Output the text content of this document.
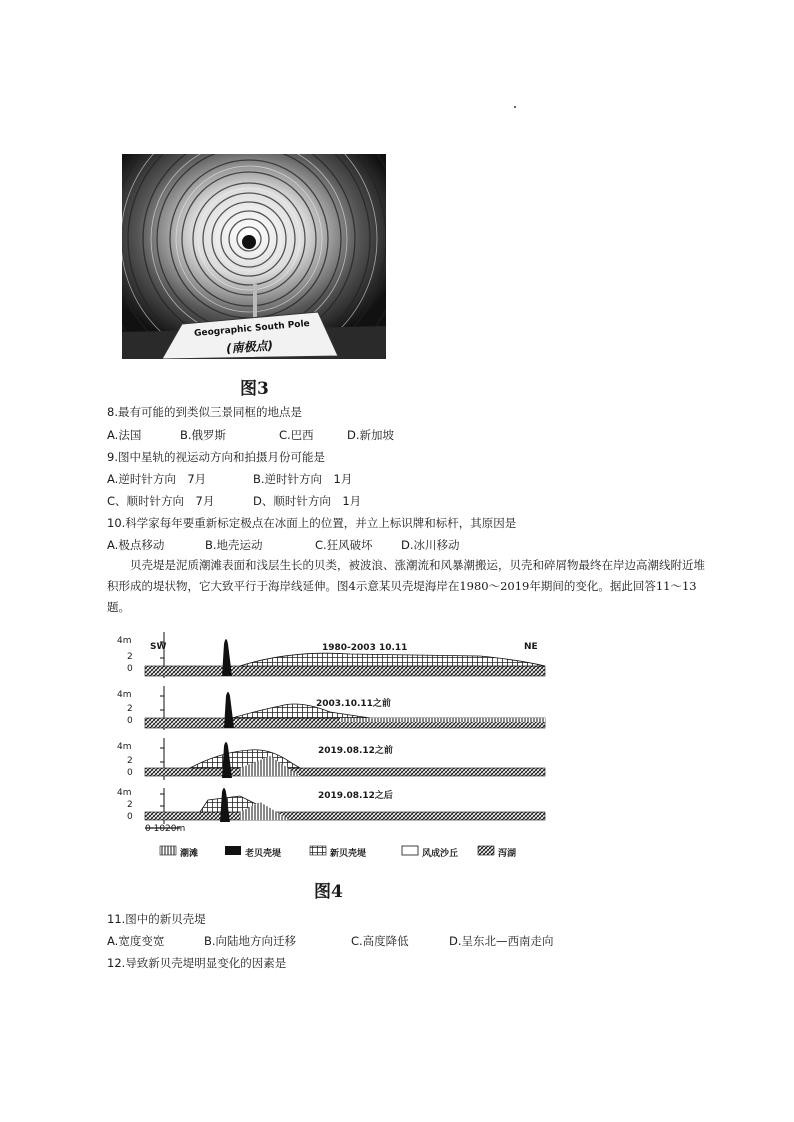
Geographic South Pole
(南极点)
图3
8.最有可能的到类似三景同框的地点是
A.法国	B.俄罗斯	C.巴西	D.新加坡
9.图中星轨的视运动方向和拍摄月份可能是
A.逆时针方向　7月	B.逆时针方向　1月
C、顺时针方向　7月	D、顺时针方向　1月
10.科学家每年要重新标定极点在冰面上的位置，并立上标识牌和标杆，其原因是
A.极点移动	B.地壳运动	C.狂风破坏 D.冰川移动
贝壳堤是泥质潮滩表面和浅层生长的贝类，被波浪、涨潮流和风暴潮搬运，贝壳和碎屑物最终在岸边高潮线附近堆积形成的堤状物，它大致平行于海岸线延伸。图4示意某贝壳堤海岸在1980～2019年期间的变化。据此回答11～13题。
SW	NE
4m
2
0
4m
2
0
4m
2
0
4m
2
0
1980-2003 10.11
2003.10.11之前
2019.08.12之前
2019.08.12之后
0 1020m
潮滩	老贝壳堤	新贝壳堤	风成沙丘	泻湖
图4
11.图中的新贝壳堤
A.宽度变宽	B.向陆地方向迁移	C.高度降低	D.呈东北—西南走向
12.导致新贝壳堤明显变化的因素是
